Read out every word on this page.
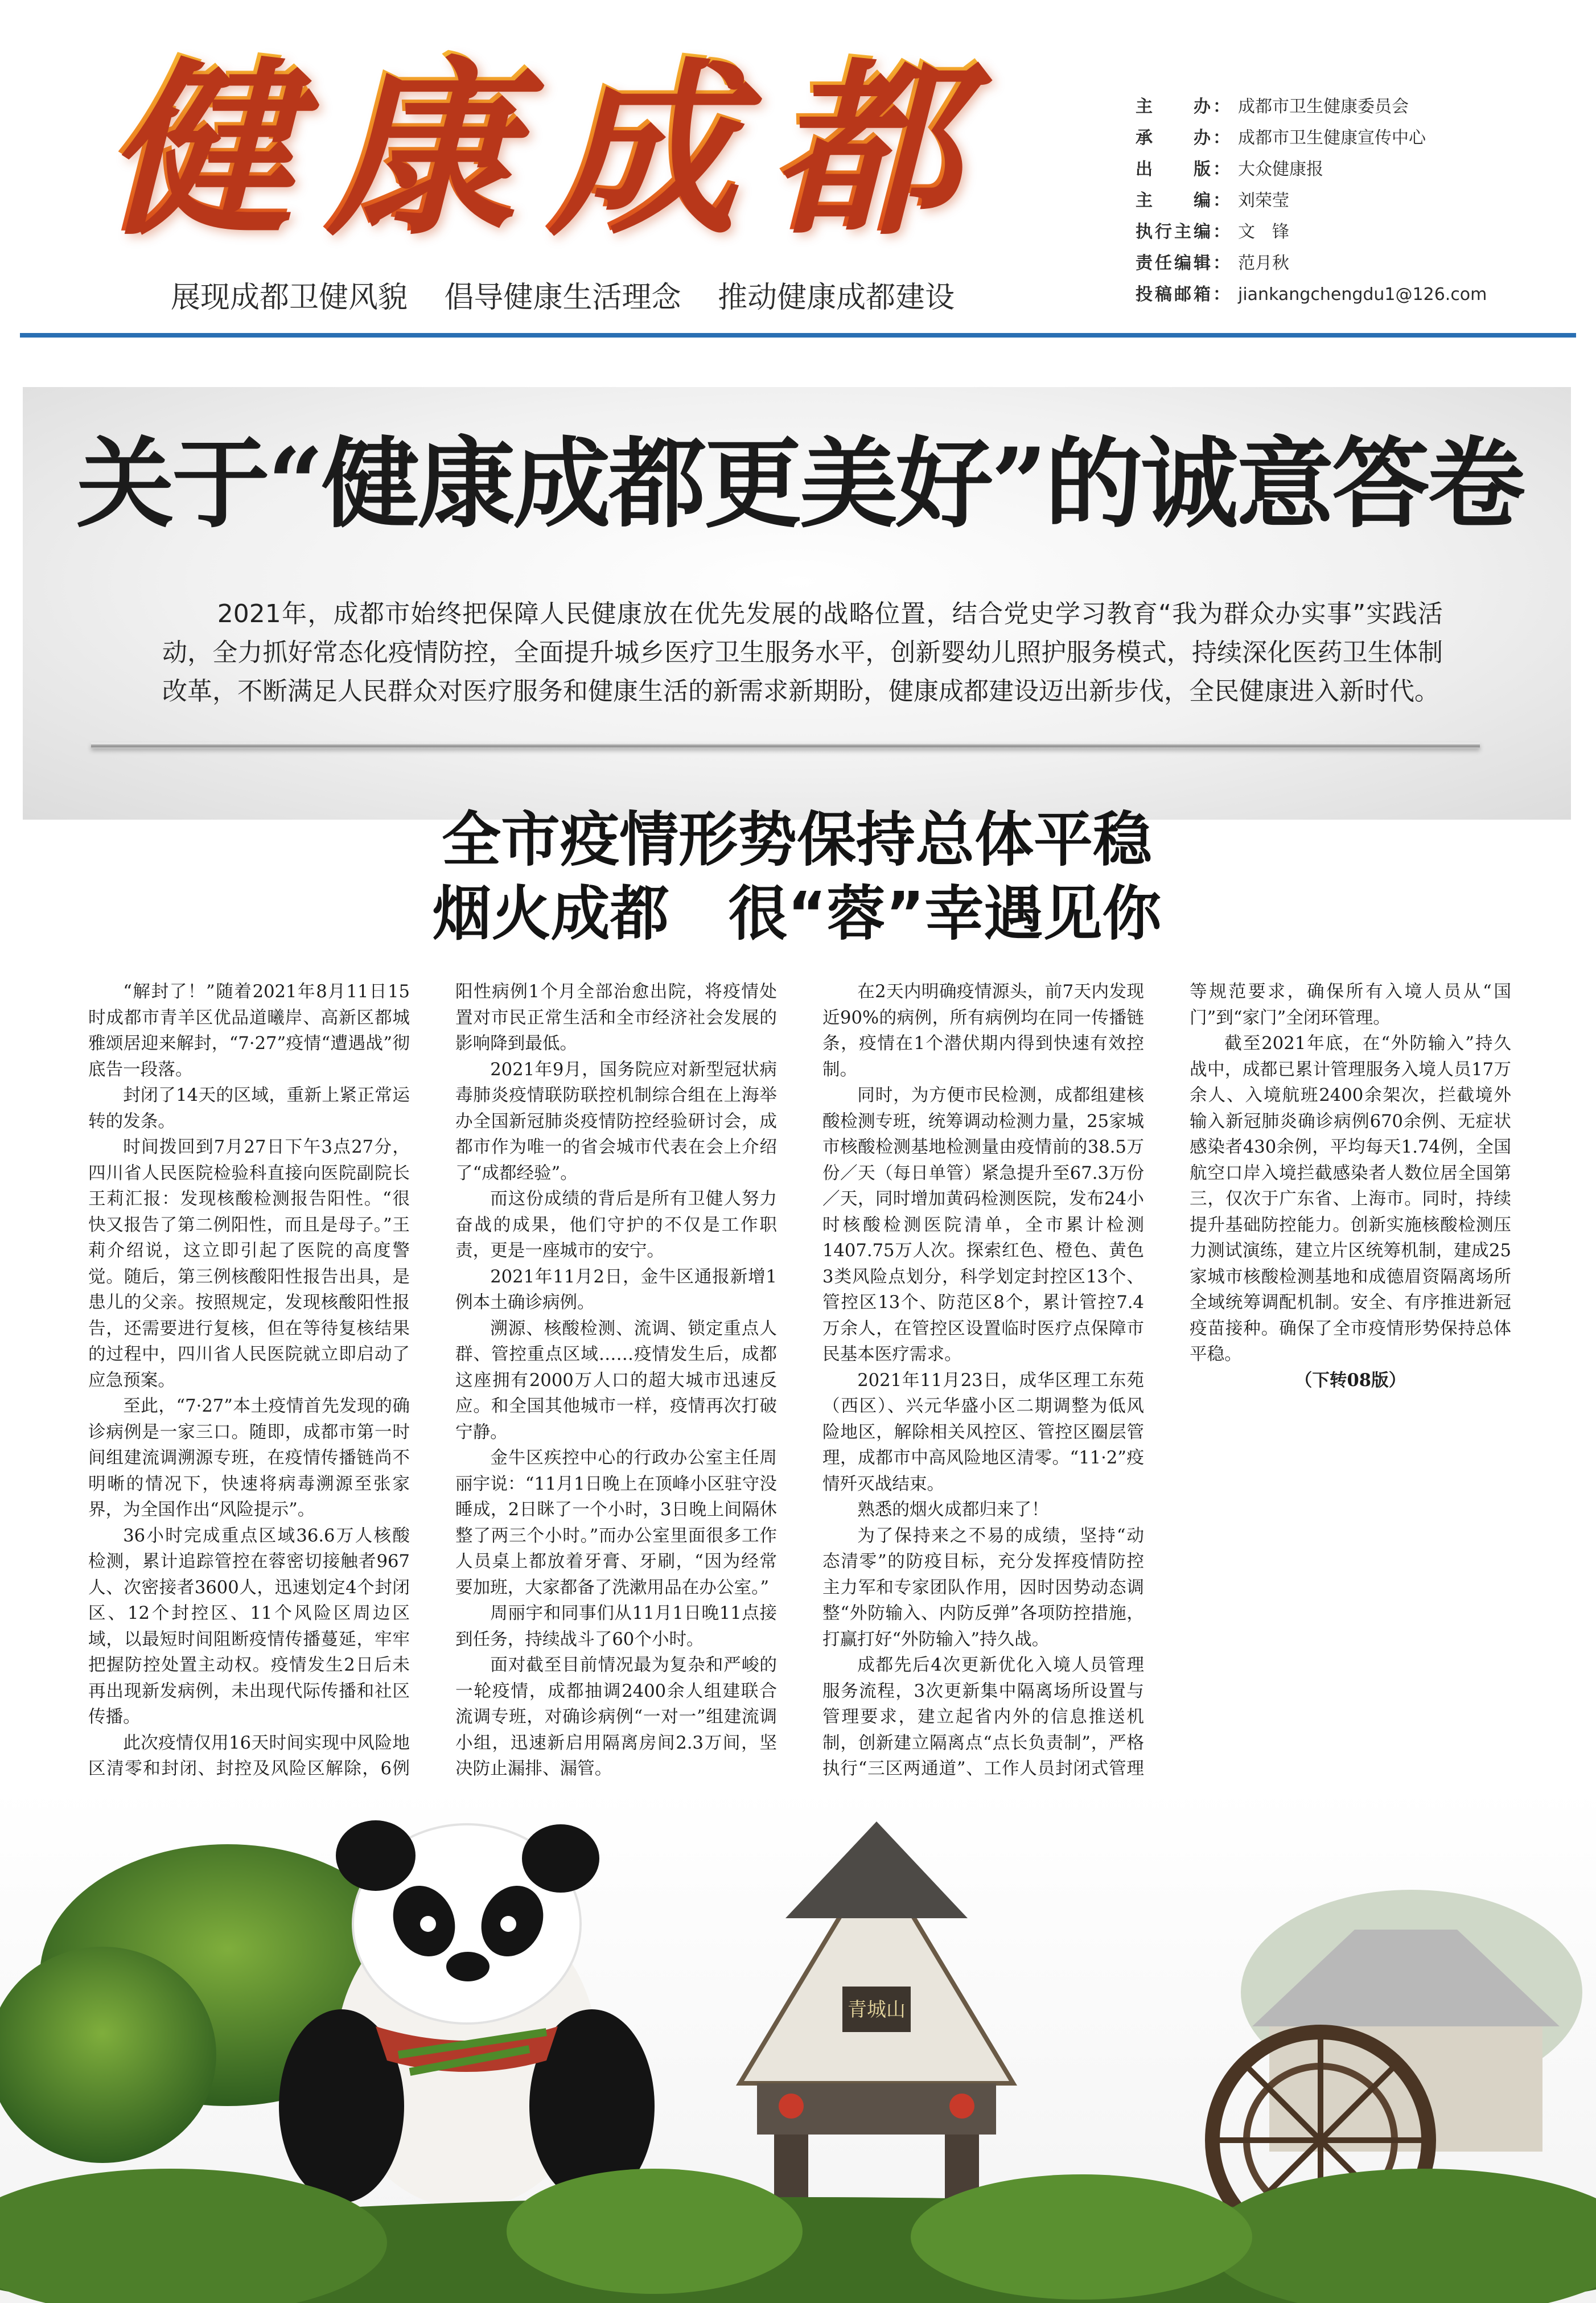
健康成都
展现成都卫健风貌 倡导健康生活理念 推动健康成都建设
主　　办： 成都市卫生健康委员会
承　　办： 成都市卫生健康宣传中心
出　　版： 大众健康报
主　　编： 刘荣莹
执行主编： 文　锋
责任编辑： 范月秋
投稿邮箱： jiankangchengdu1@126.com
关于“健康成都更美好”的诚意答卷
2021年，成都市始终把保障人民健康放在优先发展的战略位置，结合党史学习教育“我为群众办实事”实践活动，全力抓好常态化疫情防控，全面提升城乡医疗卫生服务水平，创新婴幼儿照护服务模式，持续深化医药卫生体制改革，不断满足人民群众对医疗服务和健康生活的新需求新期盼，健康成都建设迈出新步伐，全民健康进入新时代。
全市疫情形势保持总体平稳
烟火成都　很“蓉”幸遇见你

“解封了！”随着2021年8月11日15时成都市青羊区优品道曦岸、高新区都城雅颂居迎来解封，“7·27”疫情“遭遇战”彻底告一段落。

封闭了14天的区域，重新上紧正常运转的发条。

时间拨回到7月27日下午3点27分，四川省人民医院检验科直接向医院副院长王莉汇报：发现核酸检测报告阳性。“很快又报告了第二例阳性，而且是母子。”王莉介绍说，这立即引起了医院的高度警觉。随后，第三例核酸阳性报告出具，是患儿的父亲。按照规定，发现核酸阳性报告，还需要进行复核，但在等待复核结果的过程中，四川省人民医院就立即启动了应急预案。

至此，“7·27”本土疫情首先发现的确诊病例是一家三口。随即，成都市第一时间组建流调溯源专班，在疫情传播链尚不明晰的情况下，快速将病毒溯源至张家界，为全国作出“风险提示”。

36小时完成重点区域36.6万人核酸检测，累计追踪管控在蓉密切接触者967人、次密接者3600人，迅速划定4个封闭区、12个封控区、11个风险区周边区域，以最短时间阻断疫情传播蔓延，牢牢把握防控处置主动权。疫情发生2日后未再出现新发病例，未出现代际传播和社区传播。

此次疫情仅用16天时间实现中风险地区清零和封闭、封控及风险区解除，6例阳性病例1个月全部治愈出院，将疫情处置对市民正常生活和全市经济社会发展的影响降到最低。

2021年9月，国务院应对新型冠状病毒肺炎疫情联防联控机制综合组在上海举办全国新冠肺炎疫情防控经验研讨会，成都市作为唯一的省会城市代表在会上介绍了“成都经验”。

而这份成绩的背后是所有卫健人努力奋战的成果，他们守护的不仅是工作职责，更是一座城市的安宁。

2021年11月2日，金牛区通报新增1例本土确诊病例。

溯源、核酸检测、流调、锁定重点人群、管控重点区域……疫情发生后，成都这座拥有2000万人口的超大城市迅速反应。和全国其他城市一样，疫情再次打破宁静。

金牛区疾控中心的行政办公室主任周丽宇说：“11月1日晚上在顶峰小区驻守没睡成，2日眯了一个小时，3日晚上间隔休整了两三个小时。”而办公室里面很多工作人员桌上都放着牙膏、牙刷，“因为经常要加班，大家都备了洗漱用品在办公室。”

周丽宇和同事们从11月1日晚11点接到任务，持续战斗了60个小时。

面对截至目前情况最为复杂和严峻的一轮疫情，成都抽调2400余人组建联合流调专班，对确诊病例“一对一”组建流调小组，迅速新启用隔离房间2.3万间，坚决防止漏排、漏管。

在2天内明确疫情源头，前7天内发现近90%的病例，所有病例均在同一传播链条，疫情在1个潜伏期内得到快速有效控制。

同时，为方便市民检测，成都组建核酸检测专班，统筹调动检测力量，25家城市核酸检测基地检测量由疫情前的38.5万份／天（每日单管）紧急提升至67.3万份／天，同时增加黄码检测医院，发布24小时核酸检测医院清单，全市累计检测1407.75万人次。探索红色、橙色、黄色3类风险点划分，科学划定封控区13个、管控区13个、防范区8个，累计管控7.4万余人，在管控区设置临时医疗点保障市民基本医疗需求。

2021年11月23日，成华区理工东苑（西区）、兴元华盛小区二期调整为低风险地区，解除相关风控区、管控区圈层管理，成都市中高风险地区清零。“11·2”疫情歼灭战结束。

熟悉的烟火成都归来了！

为了保持来之不易的成绩，坚持“动态清零”的防疫目标，充分发挥疫情防控主力军和专家团队作用，因时因势动态调整“外防输入、内防反弹”各项防控措施，打赢打好“外防输入”持久战。

成都先后4次更新优化入境人员管理服务流程，3次更新集中隔离场所设置与管理要求，建立起省内外的信息推送机制，创新建立隔离点“点长负责制”，严格执行“三区两通道”、工作人员封闭式管理等规范要求，确保所有入境人员从“国门”到“家门”全闭环管理。

截至2021年底，在“外防输入”持久战中，成都已累计管理服务入境人员17万余人、入境航班2400余架次，拦截境外输入新冠肺炎确诊病例670余例、无症状感染者430余例，平均每天1.74例，全国航空口岸入境拦截感染者人数位居全国第三，仅次于广东省、上海市。同时，持续提升基础防控能力。创新实施核酸检测压力测试演练，建立片区统筹机制，建成25家城市核酸检测基地和成德眉资隔离场所全域统筹调配机制。安全、有序推进新冠疫苗接种。确保了全市疫情形势保持总体平稳。

（下转08版）

青城山
